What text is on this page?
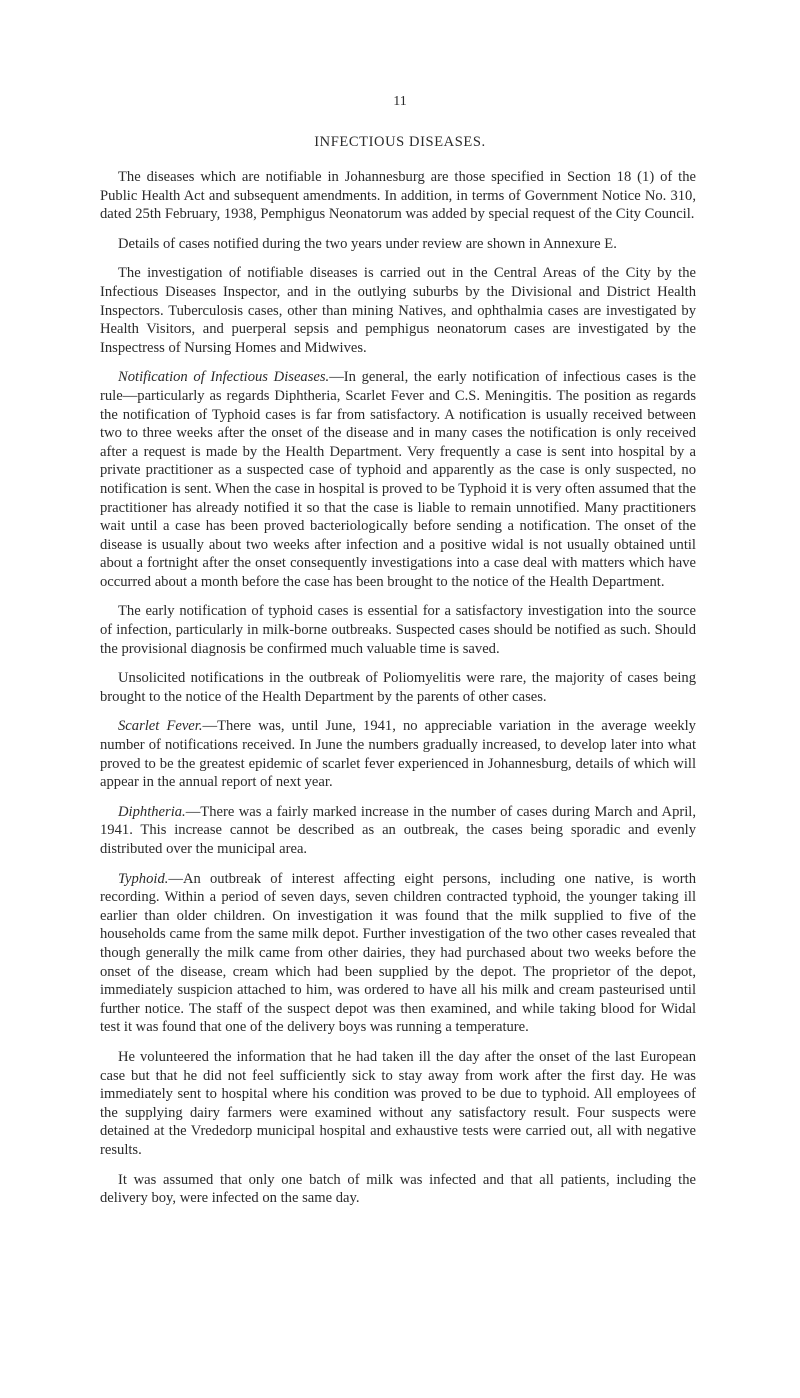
11
INFECTIOUS DISEASES.

The diseases which are notifiable in Johannesburg are those specified in Section 18 (1) of the Public Health Act and subsequent amendments. In addition, in terms of Government Notice No. 310, dated 25th February, 1938, Pemphigus Neonatorum was added by special request of the City Council.

Details of cases notified during the two years under review are shown in Annexure E.

The investigation of notifiable diseases is carried out in the Central Areas of the City by the Infectious Diseases Inspector, and in the outlying suburbs by the Divisional and District Health Inspectors. Tuberculosis cases, other than mining Natives, and ophthalmia cases are investigated by Health Visitors, and puerperal sepsis and pemphigus neonatorum cases are investigated by the Inspectress of Nursing Homes and Midwives.

Notification of Infectious Diseases.—In general, the early notification of infectious cases is the rule—particularly as regards Diphtheria, Scarlet Fever and C.S. Meningitis. The position as regards the notification of Typhoid cases is far from satisfactory. A notification is usually received between two to three weeks after the onset of the disease and in many cases the notification is only received after a request is made by the Health Department. Very frequently a case is sent into hospital by a private practitioner as a suspected case of typhoid and apparently as the case is only suspected, no notification is sent. When the case in hospital is proved to be Typhoid it is very often assumed that the practitioner has already notified it so that the case is liable to remain unnotified. Many practitioners wait until a case has been proved bacteriologically before sending a notification. The onset of the disease is usually about two weeks after infection and a positive widal is not usually obtained until about a fortnight after the onset consequently investigations into a case deal with matters which have occurred about a month before the case has been brought to the notice of the Health Department.

The early notification of typhoid cases is essential for a satisfactory investigation into the source of infection, particularly in milk-borne outbreaks. Suspected cases should be notified as such. Should the provisional diagnosis be confirmed much valuable time is saved.

Unsolicited notifications in the outbreak of Poliomyelitis were rare, the majority of cases being brought to the notice of the Health Department by the parents of other cases.

Scarlet Fever.—There was, until June, 1941, no appreciable variation in the average weekly number of notifications received. In June the numbers gradually increased, to develop later into what proved to be the greatest epidemic of scarlet fever experienced in Johannesburg, details of which will appear in the annual report of next year.

Diphtheria.—There was a fairly marked increase in the number of cases during March and April, 1941. This increase cannot be described as an outbreak, the cases being sporadic and evenly distributed over the municipal area.

Typhoid.—An outbreak of interest affecting eight persons, including one native, is worth recording. Within a period of seven days, seven children contracted typhoid, the younger taking ill earlier than older children. On investigation it was found that the milk supplied to five of the households came from the same milk depot. Further investigation of the two other cases revealed that though generally the milk came from other dairies, they had purchased about two weeks before the onset of the disease, cream which had been supplied by the depot. The proprietor of the depot, immediately suspicion attached to him, was ordered to have all his milk and cream pasteurised until further notice. The staff of the suspect depot was then examined, and while taking blood for Widal test it was found that one of the delivery boys was running a temperature.

He volunteered the information that he had taken ill the day after the onset of the last European case but that he did not feel sufficiently sick to stay away from work after the first day. He was immediately sent to hospital where his condition was proved to be due to typhoid. All employees of the supplying dairy farmers were examined without any satisfactory result. Four suspects were detained at the Vrededorp municipal hospital and exhaustive tests were carried out, all with negative results.

It was assumed that only one batch of milk was infected and that all patients, including the delivery boy, were infected on the same day.
